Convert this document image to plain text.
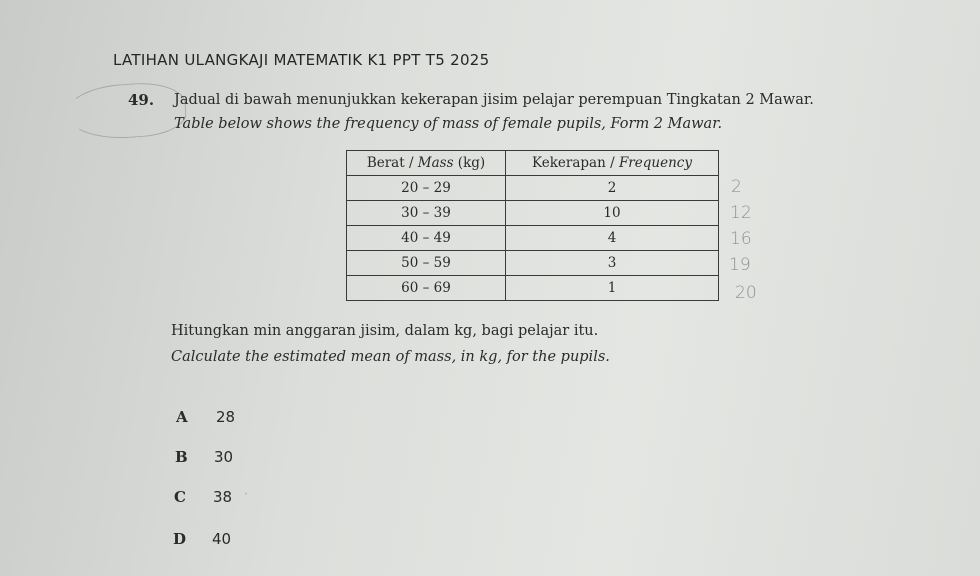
LATIHAN ULANGKAJI MATEMATIK K1 PPT T5 2025
49. Jadual di bawah menunjukkan kekerapan jisim pelajar perempuan Tingkatan 2 Mawar.
Table below shows the frequency of mass of female pupils, Form 2 Mawar.
Berat / Mass (kg)	Kekerapan / Frequency
20 – 29	2
30 – 39	10
40 – 49	4
50 – 59	3
60 – 69	1
2
12
16
19
20
Hitungkan min anggaran jisim, dalam kg, bagi pelajar itu.
Calculate the estimated mean of mass, in kg, for the pupils.
A 28
B 30
C 38 ·
D 40
